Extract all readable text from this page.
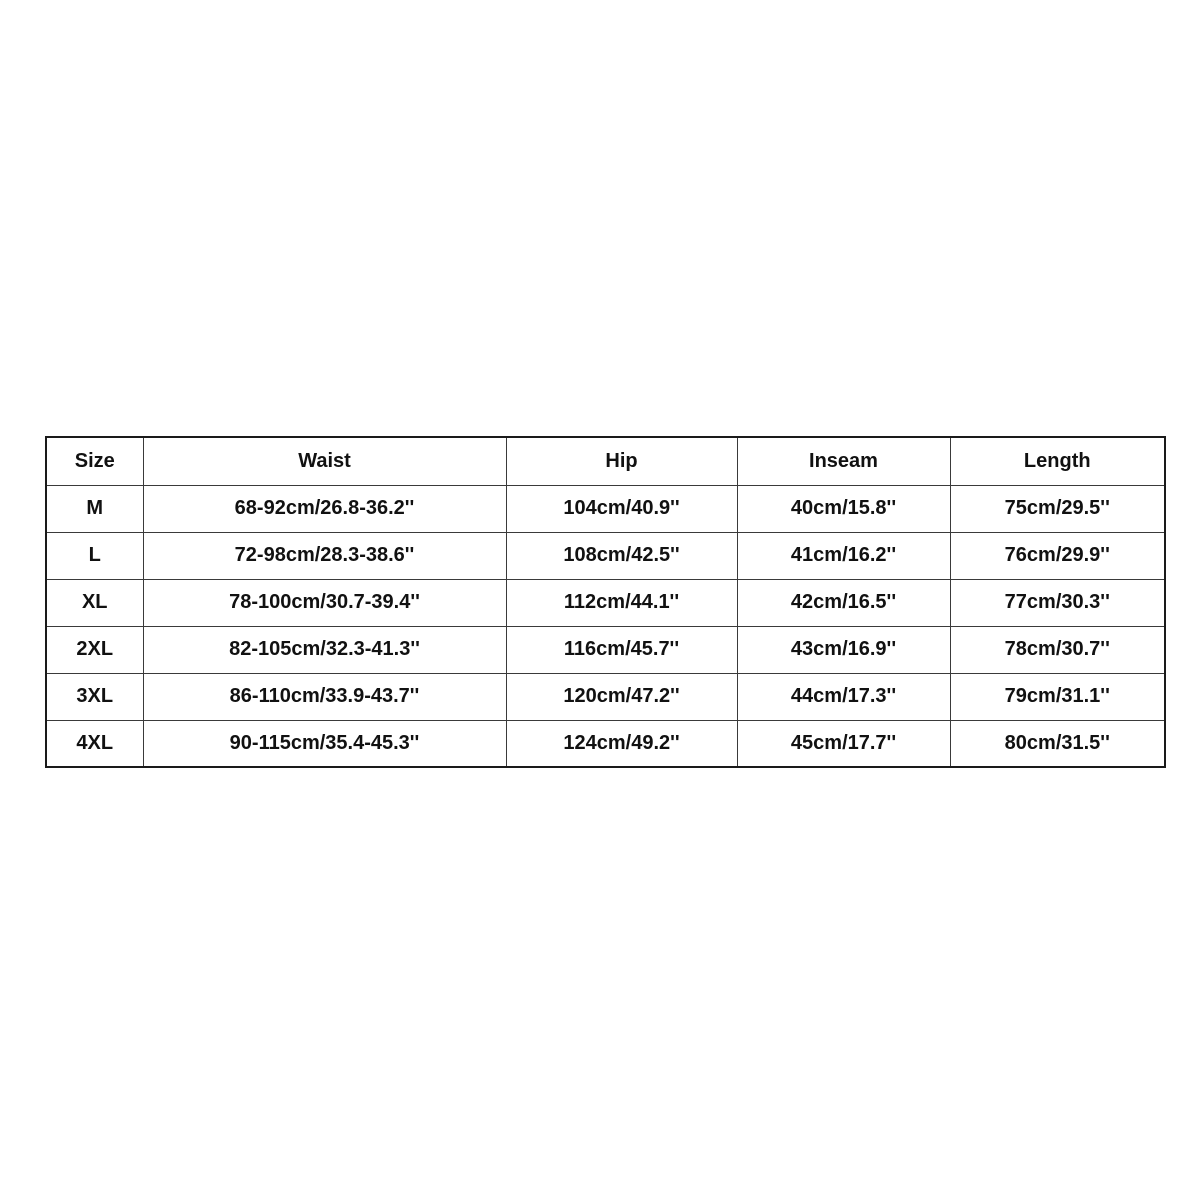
Size	Waist	Hip	Inseam	Length
M	68-92cm/26.8-36.2''	104cm/40.9''	40cm/15.8''	75cm/29.5''
L	72-98cm/28.3-38.6''	108cm/42.5''	41cm/16.2''	76cm/29.9''
XL	78-100cm/30.7-39.4''	112cm/44.1''	42cm/16.5''	77cm/30.3''
2XL	82-105cm/32.3-41.3''	116cm/45.7''	43cm/16.9''	78cm/30.7''
3XL	86-110cm/33.9-43.7''	120cm/47.2''	44cm/17.3''	79cm/31.1''
4XL	90-115cm/35.4-45.3''	124cm/49.2''	45cm/17.7''	80cm/31.5''
